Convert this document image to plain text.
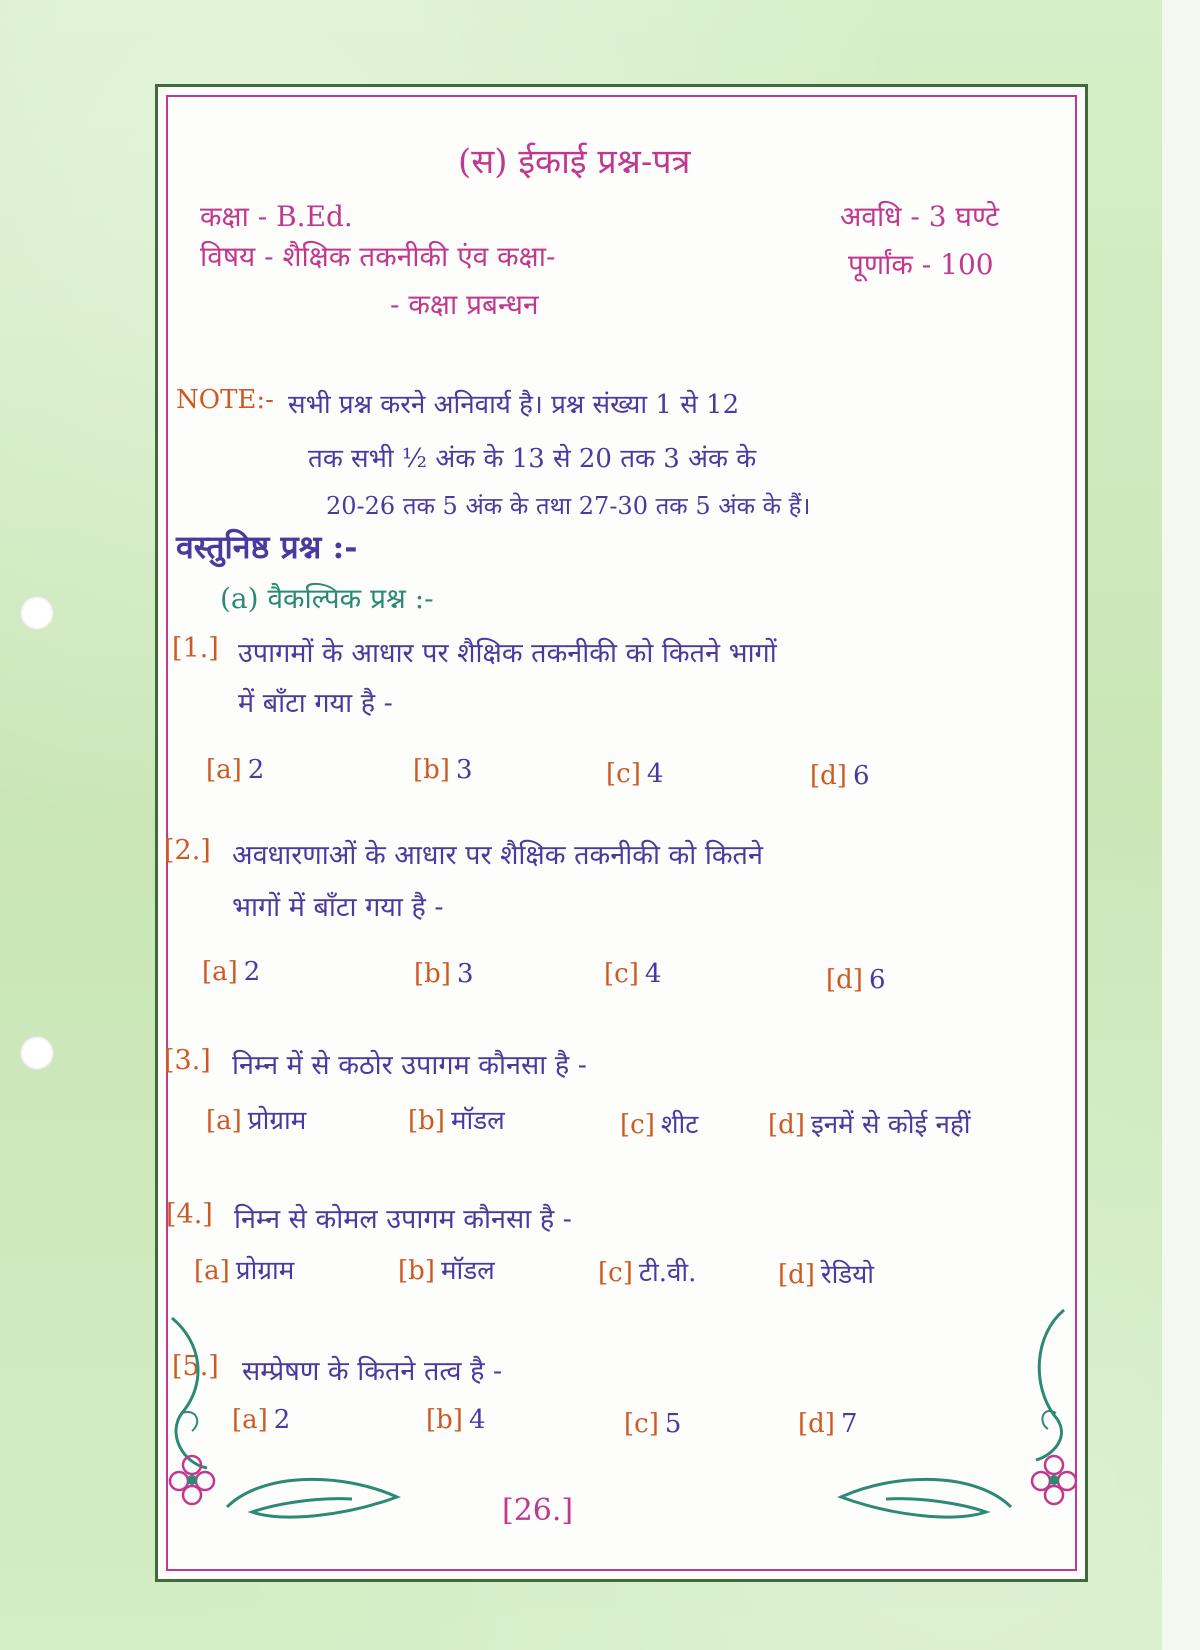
(स) ईकाई प्रश्न-पत्र
कक्षा - B.Ed.
विषय - शैक्षिक तकनीकी एंव कक्षा-
- कक्षा प्रबन्धन
अवधि - 3 घण्टे
पूर्णांक - 100
NOTE:- सभी प्रश्न करने अनिवार्य है। प्रश्न संख्या 1 से 12
तक सभी ½ अंक के 13 से 20 तक 3 अंक के
20-26 तक 5 अंक के तथा 27-30 तक 5 अंक के हैं।
वस्तुनिष्ठ प्रश्न :-
(a) वैकल्पिक प्रश्न :-
[1.] उपागमों के आधार पर शैक्षिक तकनीकी को कितने भागों
में बाँटा गया है -
[a] 2	[b] 3	[c] 4	[d] 6
[2.] अवधारणाओं के आधार पर शैक्षिक तकनीकी को कितने
भागों में बाँटा गया है -
[a] 2	[b] 3	[c] 4	[d] 6
[3.] निम्न में से कठोर उपागम कौनसा है -
[a] प्रोग्राम	[b] मॉडल	[c] शीट	[d] इनमें से कोई नहीं
[4.] निम्न से कोमल उपागम कौनसा है -
[a] प्रोग्राम	[b] मॉडल	[c] टी.वी.	[d] रेडियो
[5.] सम्प्रेषण के कितने तत्व है -
[a] 2	[b] 4	[c] 5	[d] 7
[26.]
